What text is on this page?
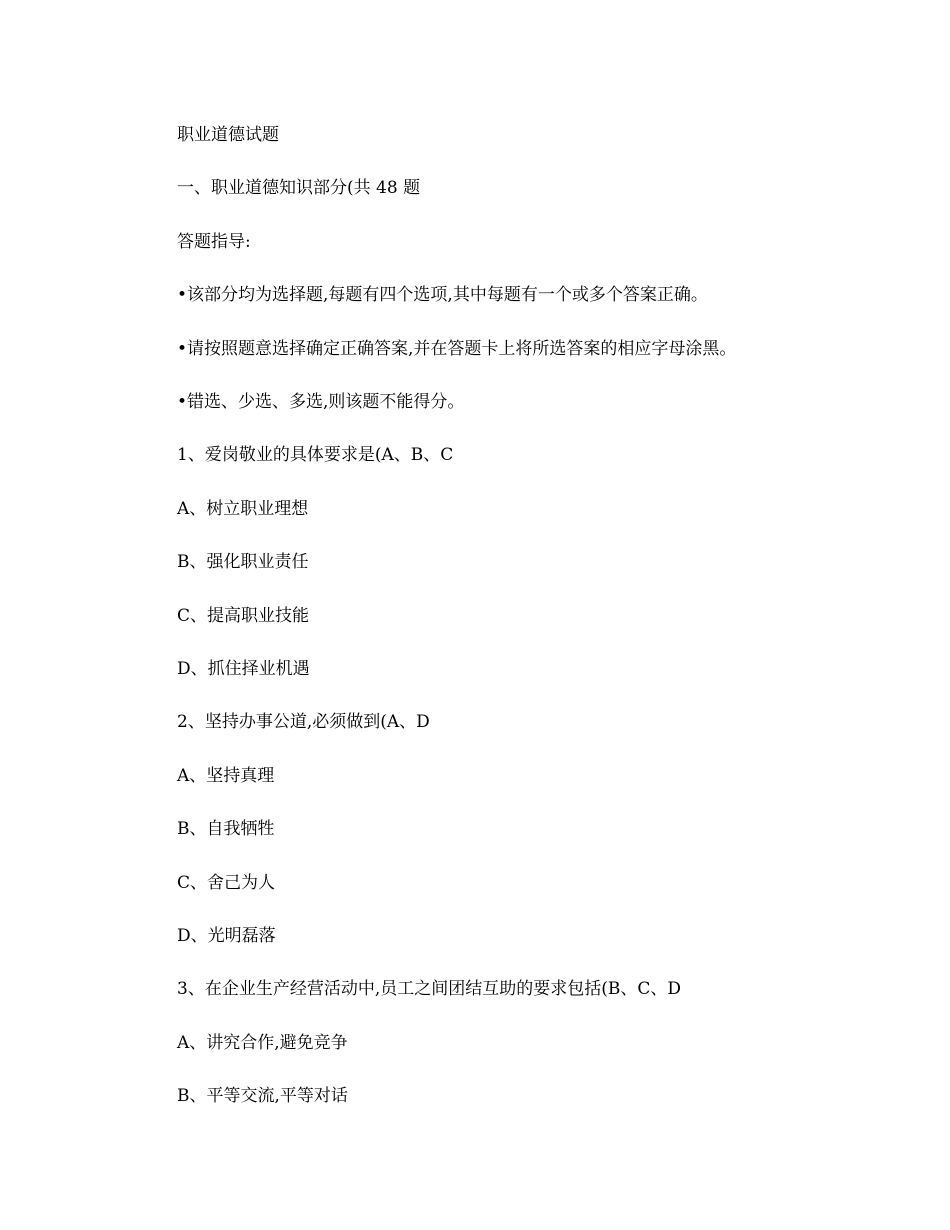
职业道德试题
一、职业道德知识部分(共 48 题
答题指导:
•该部分均为选择题,每题有四个选项,其中每题有一个或多个答案正确。
•请按照题意选择确定正确答案,并在答题卡上将所选答案的相应字母涂黑。
•错选、少选、多选,则该题不能得分。
1、爱岗敬业的具体要求是(A、B、C
A、树立职业理想
B、强化职业责任
C、提高职业技能
D、抓住择业机遇
2、坚持办事公道,必须做到(A、D
A、坚持真理
B、自我牺牲
C、舍己为人
D、光明磊落
3、在企业生产经营活动中,员工之间团结互助的要求包括(B、C、D
A、讲究合作,避免竞争
B、平等交流,平等对话
